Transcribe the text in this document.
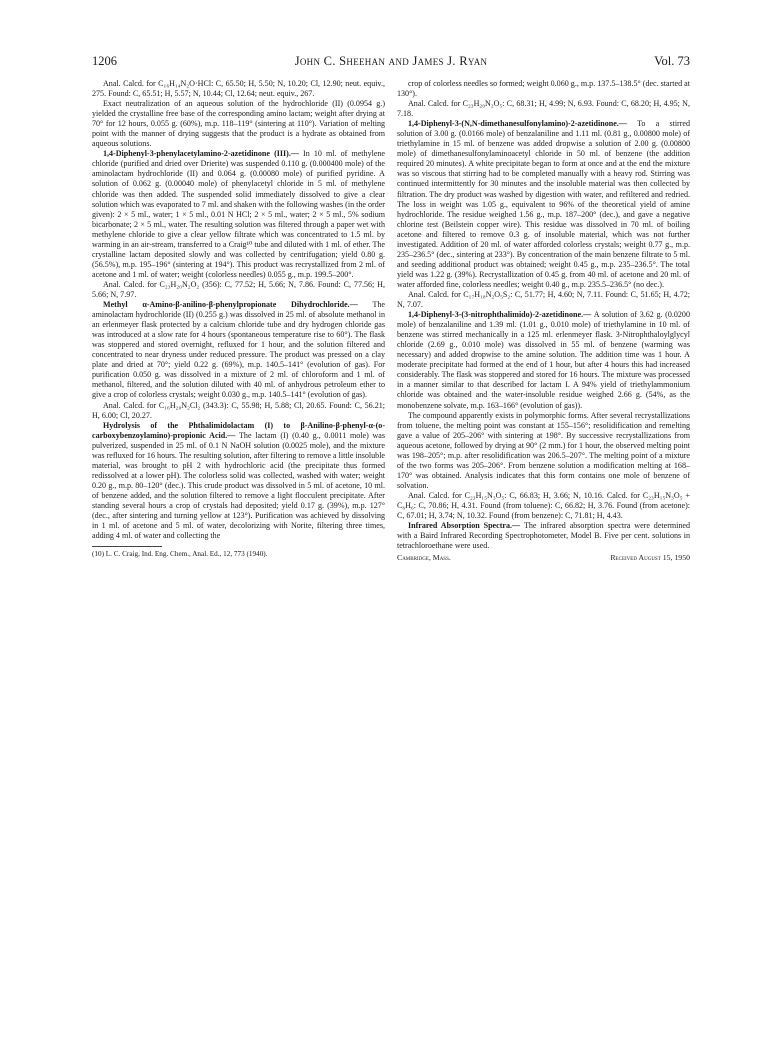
1206	John C. Sheehan and James J. Ryan	Vol. 73

Anal. Calcd. for C₁₆H₁₄N₂O·HCl: C, 65.50; H, 5.50; N, 10.20; Cl, 12.90; neut. equiv., 275. Found: C, 65.51; H, 5.57; N, 10.44; Cl, 12.64; neut. equiv., 267.

Exact neutralization of an aqueous solution of the hydrochloride (II) (0.0954 g.) yielded the crystalline free base of the corresponding amino lactam; weight after drying at 70° for 12 hours, 0.055 g. (60%), m.p. 118–119° (sintering at 110°). Variation of melting point with the manner of drying suggests that the product is a hydrate as obtained from aqueous solutions.

1,4-Diphenyl-3-phenylacetylamino-2-azetidinone (III).— In 10 ml. of methylene chloride (purified and dried over Drierite) was suspended 0.110 g. (0.000400 mole) of the aminolactam hydrochloride (II) and 0.064 g. (0.00080 mole) of purified pyridine. A solution of 0.062 g. (0.00040 mole) of phenylacetyl chloride in 5 ml. of methylene chloride was then added. The suspended solid immediately dissolved to give a clear solution which was evaporated to 7 ml. and shaken with the following washes (in the order given): 2 × 5 ml., water; 1 × 5 ml., 0.01 N HCl; 2 × 5 ml., water; 2 × 5 ml., 5% sodium bicarbonate; 2 × 5 ml., water. The resulting solution was filtered through a paper wet with methylene chloride to give a clear yellow filtrate which was concentrated to 1.5 ml. by warming in an air-stream, transferred to a Craig¹⁰ tube and diluted with 1 ml. of ether. The crystalline lactam deposited slowly and was collected by centrifugation; yield 0.80 g. (56.5%), m.p. 195–196° (sintering at 194°). This product was recrystallized from 2 ml. of acetone and 1 ml. of water; weight (colorless needles) 0.055 g., m.p. 199.5–200°.

Anal. Calcd. for C₂₃H₂₀N₂O₂ (356): C, 77.52; H, 5.66; N, 7.86. Found: C, 77.56; H, 5.66; N, 7.97.

Methyl α-Amino-β-anilino-β-phenylpropionate Dihydrochloride.— The aminolactam hydrochloride (II) (0.255 g.) was dissolved in 25 ml. of absolute methanol in an erlenmeyer flask protected by a calcium chloride tube and dry hydrogen chloride gas was introduced at a slow rate for 4 hours (spontaneous temperature rise to 60°). The flask was stoppered and stored overnight, refluxed for 1 hour, and the solution filtered and concentrated to near dryness under reduced pressure. The product was pressed on a clay plate and dried at 70°; yield 0.22 g. (69%), m.p. 140.5–141° (evolution of gas). For purification 0.050 g. was dissolved in a mixture of 2 ml. of chloroform and 1 ml. of methanol, filtered, and the solution diluted with 40 ml. of anhydrous petroleum ether to give a crop of colorless crystals; weight 0.030 g., m.p. 140.5–141° (evolution of gas).

Anal. Calcd. for C₁₆H₂₀N₂Cl₂ (343.3): C, 55.98; H, 5.88; Cl, 20.65. Found: C, 56.21; H, 6.00; Cl, 20.27.

Hydrolysis of the Phthalimidolactam (I) to β-Anilino-β-phenyl-α-(o-carboxybenzoylamino)-propionic Acid.— The lactam (I) (0.40 g., 0.0011 mole) was pulverized, suspended in 25 ml. of 0.1 N NaOH solution (0.0025 mole), and the mixture was refluxed for 16 hours. The resulting solution, after filtering to remove a little insoluble material, was brought to pH 2 with hydrochloric acid (the precipitate thus formed redissolved at a lower pH). The colorless solid was collected, washed with water; weight 0.20 g., m.p. 80–120° (dec.). This crude product was dissolved in 5 ml. of acetone, 10 ml. of benzene added, and the solution filtered to remove a light flocculent precipitate. After standing several hours a crop of crystals had deposited; yield 0.17 g. (39%), m.p. 127° (dec., after sintering and turning yellow at 123°). Purification was achieved by dissolving in 1 ml. of acetone and 5 ml. of water, decolorizing with Norite, filtering three times, adding 4 ml. of water and collecting the

(10) L. C. Craig, Ind. Eng. Chem., Anal. Ed., 12, 773 (1940).

crop of colorless needles so formed; weight 0.060 g., m.p. 137.5–138.5° (dec. started at 130°).

Anal. Calcd. for C₂₃H₂₀N₂O₅: C, 68.31; H, 4.99; N, 6.93. Found: C, 68.20; H, 4.95; N, 7.18.

1,4-Diphenyl-3-(N,N-dimethanesulfonylamino)-2-azetidinone.— To a stirred solution of 3.00 g. (0.0166 mole) of benzalaniline and 1.11 ml. (0.81 g., 0.00800 mole) of triethylamine in 15 ml. of benzene was added dropwise a solution of 2.00 g. (0.00800 mole) of dimethanesulfonylaminoacetyl chloride in 50 ml. of benzene (the addition required 20 minutes). A white precipitate began to form at once and at the end the mixture was so viscous that stirring had to be completed manually with a heavy rod. Stirring was continued intermittently for 30 minutes and the insoluble material was then collected by filtration. The dry product was washed by digestion with water, and refiltered and redried. The loss in weight was 1.05 g., equivalent to 96% of the theoretical yield of amine hydrochloride. The residue weighed 1.56 g., m.p. 187–200° (dec.), and gave a negative chlorine test (Beilstein copper wire). This residue was dissolved in 70 ml. of boiling acetone and filtered to remove 0.3 g. of insoluble material, which was not further investigated. Addition of 20 ml. of water afforded colorless crystals; weight 0.77 g., m.p. 235–236.5° (dec., sintering at 233°). By concentration of the main benzene filtrate to 5 ml. and seeding additional product was obtained; weight 0.45 g., m.p. 235–236.5°. The total yield was 1.22 g. (39%). Recrystallization of 0.45 g. from 40 ml. of acetone and 20 ml. of water afforded fine, colorless needles; weight 0.40 g., m.p. 235.5–236.5° (no dec.).

Anal. Calcd. for C₁₇H₁₈N₂O₅S₂: C, 51.77; H, 4.60; N, 7.11. Found: C, 51.65; H, 4.72; N, 7.07.

1,4-Diphenyl-3-(3-nitrophthalimido)-2-azetidinone.— A solution of 3.62 g. (0.0200 mole) of benzalaniline and 1.39 ml. (1.01 g., 0.010 mole) of triethylamine in 10 ml. of benzene was stirred mechanically in a 125 ml. erlenmeyer flask. 3-Nitrophthaloylglycyl chloride (2.69 g., 0.010 mole) was dissolved in 55 ml. of benzene (warming was necessary) and added dropwise to the amine solution. The addition time was 1 hour. A moderate precipitate had formed at the end of 1 hour, but after 4 hours this had increased considerably. The flask was stoppered and stored for 16 hours. The mixture was processed in a manner similar to that described for lactam I. A 94% yield of triethylammonium chloride was obtained and the water-insoluble residue weighed 2.66 g. (54%, as the monobenzene solvate, m.p. 163–166° (evolution of gas)).

The compound apparently exists in polymorphic forms. After several recrystallizations from toluene, the melting point was constant at 155–156°; resolidification and remelting gave a value of 205–206° with sintering at 198°. By successive recrystallizations from aqueous acetone, followed by drying at 90° (2 mm.) for 1 hour, the observed melting point was 198–205°; m.p. after resolidification was 206.5–207°. The melting point of a mixture of the two forms was 205–206°. From benzene solution a modification melting at 168–170° was obtained. Analysis indicates that this form contains one mole of benzene of solvation.

Anal. Calcd. for C₂₃H₁₅N₃O₅: C, 66.83; H, 3.66; N, 10.16. Calcd. for C₂₃H₁₅N₃O₅ + C₆H₆: C, 70.86; H, 4.31. Found (from toluene): C, 66.82; H, 3.76. Found (from acetone): C, 67.01; H, 3.74; N, 10.32. Found (from benzene): C, 71.81; H, 4.43.

Infrared Absorption Spectra.— The infrared absorption spectra were determined with a Baird Infrared Recording Spectrophotometer, Model B. Five per cent. solutions in tetrachloroethane were used.

Cambridge, Mass.	Received August 15, 1950
